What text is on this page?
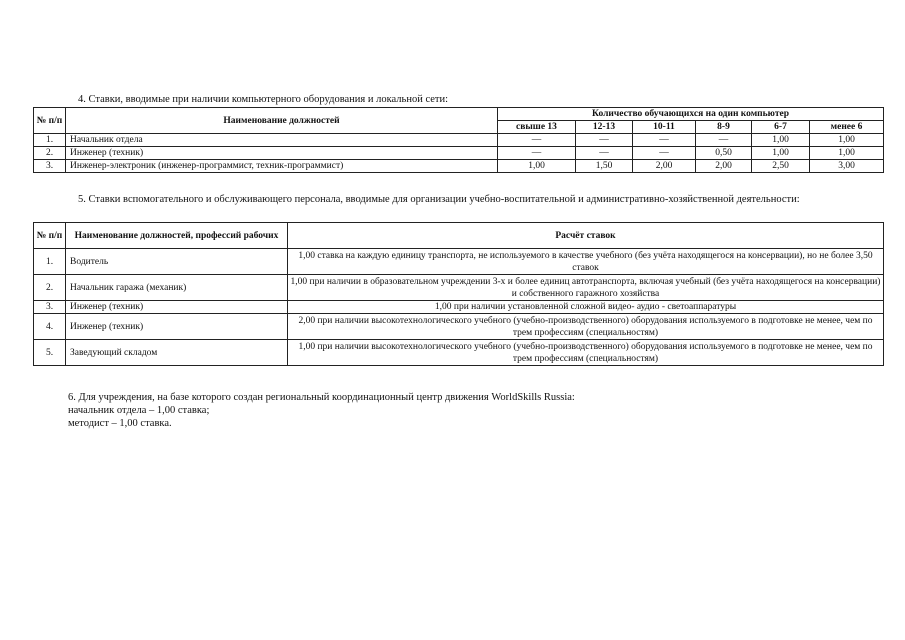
4. Ставки, вводимые при наличии компьютерного оборудования и локальной сети:
№ п/п	Наименование должностей	Количество обучающихся на один компьютер					
		свыше 13	12-13	10-11	8-9	6-7	менее 6
1.	Начальник отдела	—	—	—	—	1,00	1,00
2.	Инженер (техник)	—	—	—	0,50	1,00	1,00
3.	Инженер-электроник (инженер-программист, техник-программист)	1,00	1,50	2,00	2,00	2,50	3,00
5. Ставки вспомогательного и обслуживающего персонала, вводимые для организации учебно-воспитательной и административно-хозяйственной деятельности:
№ п/п	Наименование должностей, профессий рабочих	Расчёт ставок
1.	Водитель	1,00 ставка на каждую единицу транспорта, не используемого в качестве учебного (без учёта находящегося на консервации), но не более 3,50 ставок
2.	Начальник гаража (механик)	1,00 при наличии в образовательном учреждении 3-х и более единиц автотранспорта, включая учебный (без учёта находящегося на консервации) и собственного гаражного хозяйства
3.	Инженер (техник)	1,00 при наличии установленной сложной видео- аудио - светоаппаратуры
4.	Инженер (техник)	2,00 при наличии высокотехнологического учебного (учебно-производственного) оборудования используемого в подготовке не менее, чем по трем профессиям (специальностям)
5.	Заведующий складом	1,00 при наличии высокотехнологического учебного (учебно-производственного) оборудования используемого в подготовке не менее, чем по трем профессиям (специальностям)
6. Для учреждения, на базе которого создан региональный координационный центр движения WorldSkills Russia:
начальник отдела – 1,00 ставка;
методист – 1,00 ставка.
